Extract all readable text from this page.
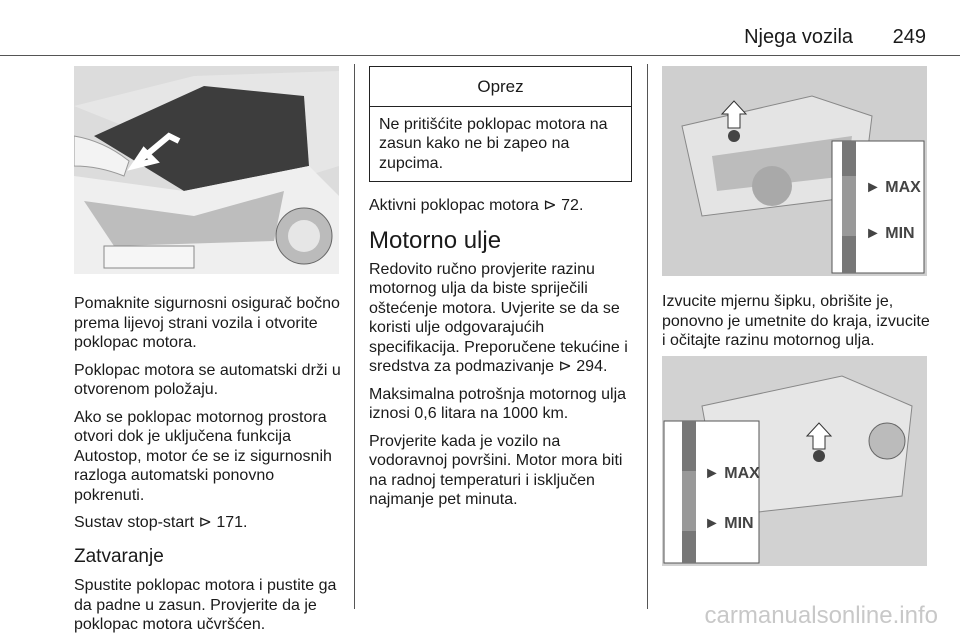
Njega vozila 249

Pomaknite sigurnosni osigurač bočno prema lijevoj strani vozila i otvorite poklopac motora.

Poklopac motora se automatski drži u otvorenom položaju.

Ako se poklopac motornog prostora otvori dok je uključena funkcija Autostop, motor će se iz sigurnosnih razloga automatski ponovno pokrenuti.

Sustav stop-start ⊳ 171.

Zatvaranje

Spustite poklopac motora i pustite ga da padne u zasun. Provjerite da je poklopac motora učvršćen.

Oprez
Ne pritišćite poklopac motora na zasun kako ne bi zapeo na zupcima.

Aktivni poklopac motora ⊳ 72.

Motorno ulje

Redovito ručno provjerite razinu motornog ulja da biste spriječili oštećenje motora. Uvjerite se da se koristi ulje odgovarajućih specifikacija. Preporučene tekućine i sredstva za podmazivanje ⊳ 294.

Maksimalna potrošnja motornog ulja iznosi 0,6 litara na 1000 km.

Provjerite kada je vozilo na vodoravnoj površini. Motor mora biti na radnoj temperaturi i isključen najmanje pet minuta.

► MAX
► MIN

Izvucite mjernu šipku, obrišite je, ponovno je umetnite do kraja, izvucite i očitajte razinu motornog ulja.

► MAX
► MIN
carmanualsonline.info
